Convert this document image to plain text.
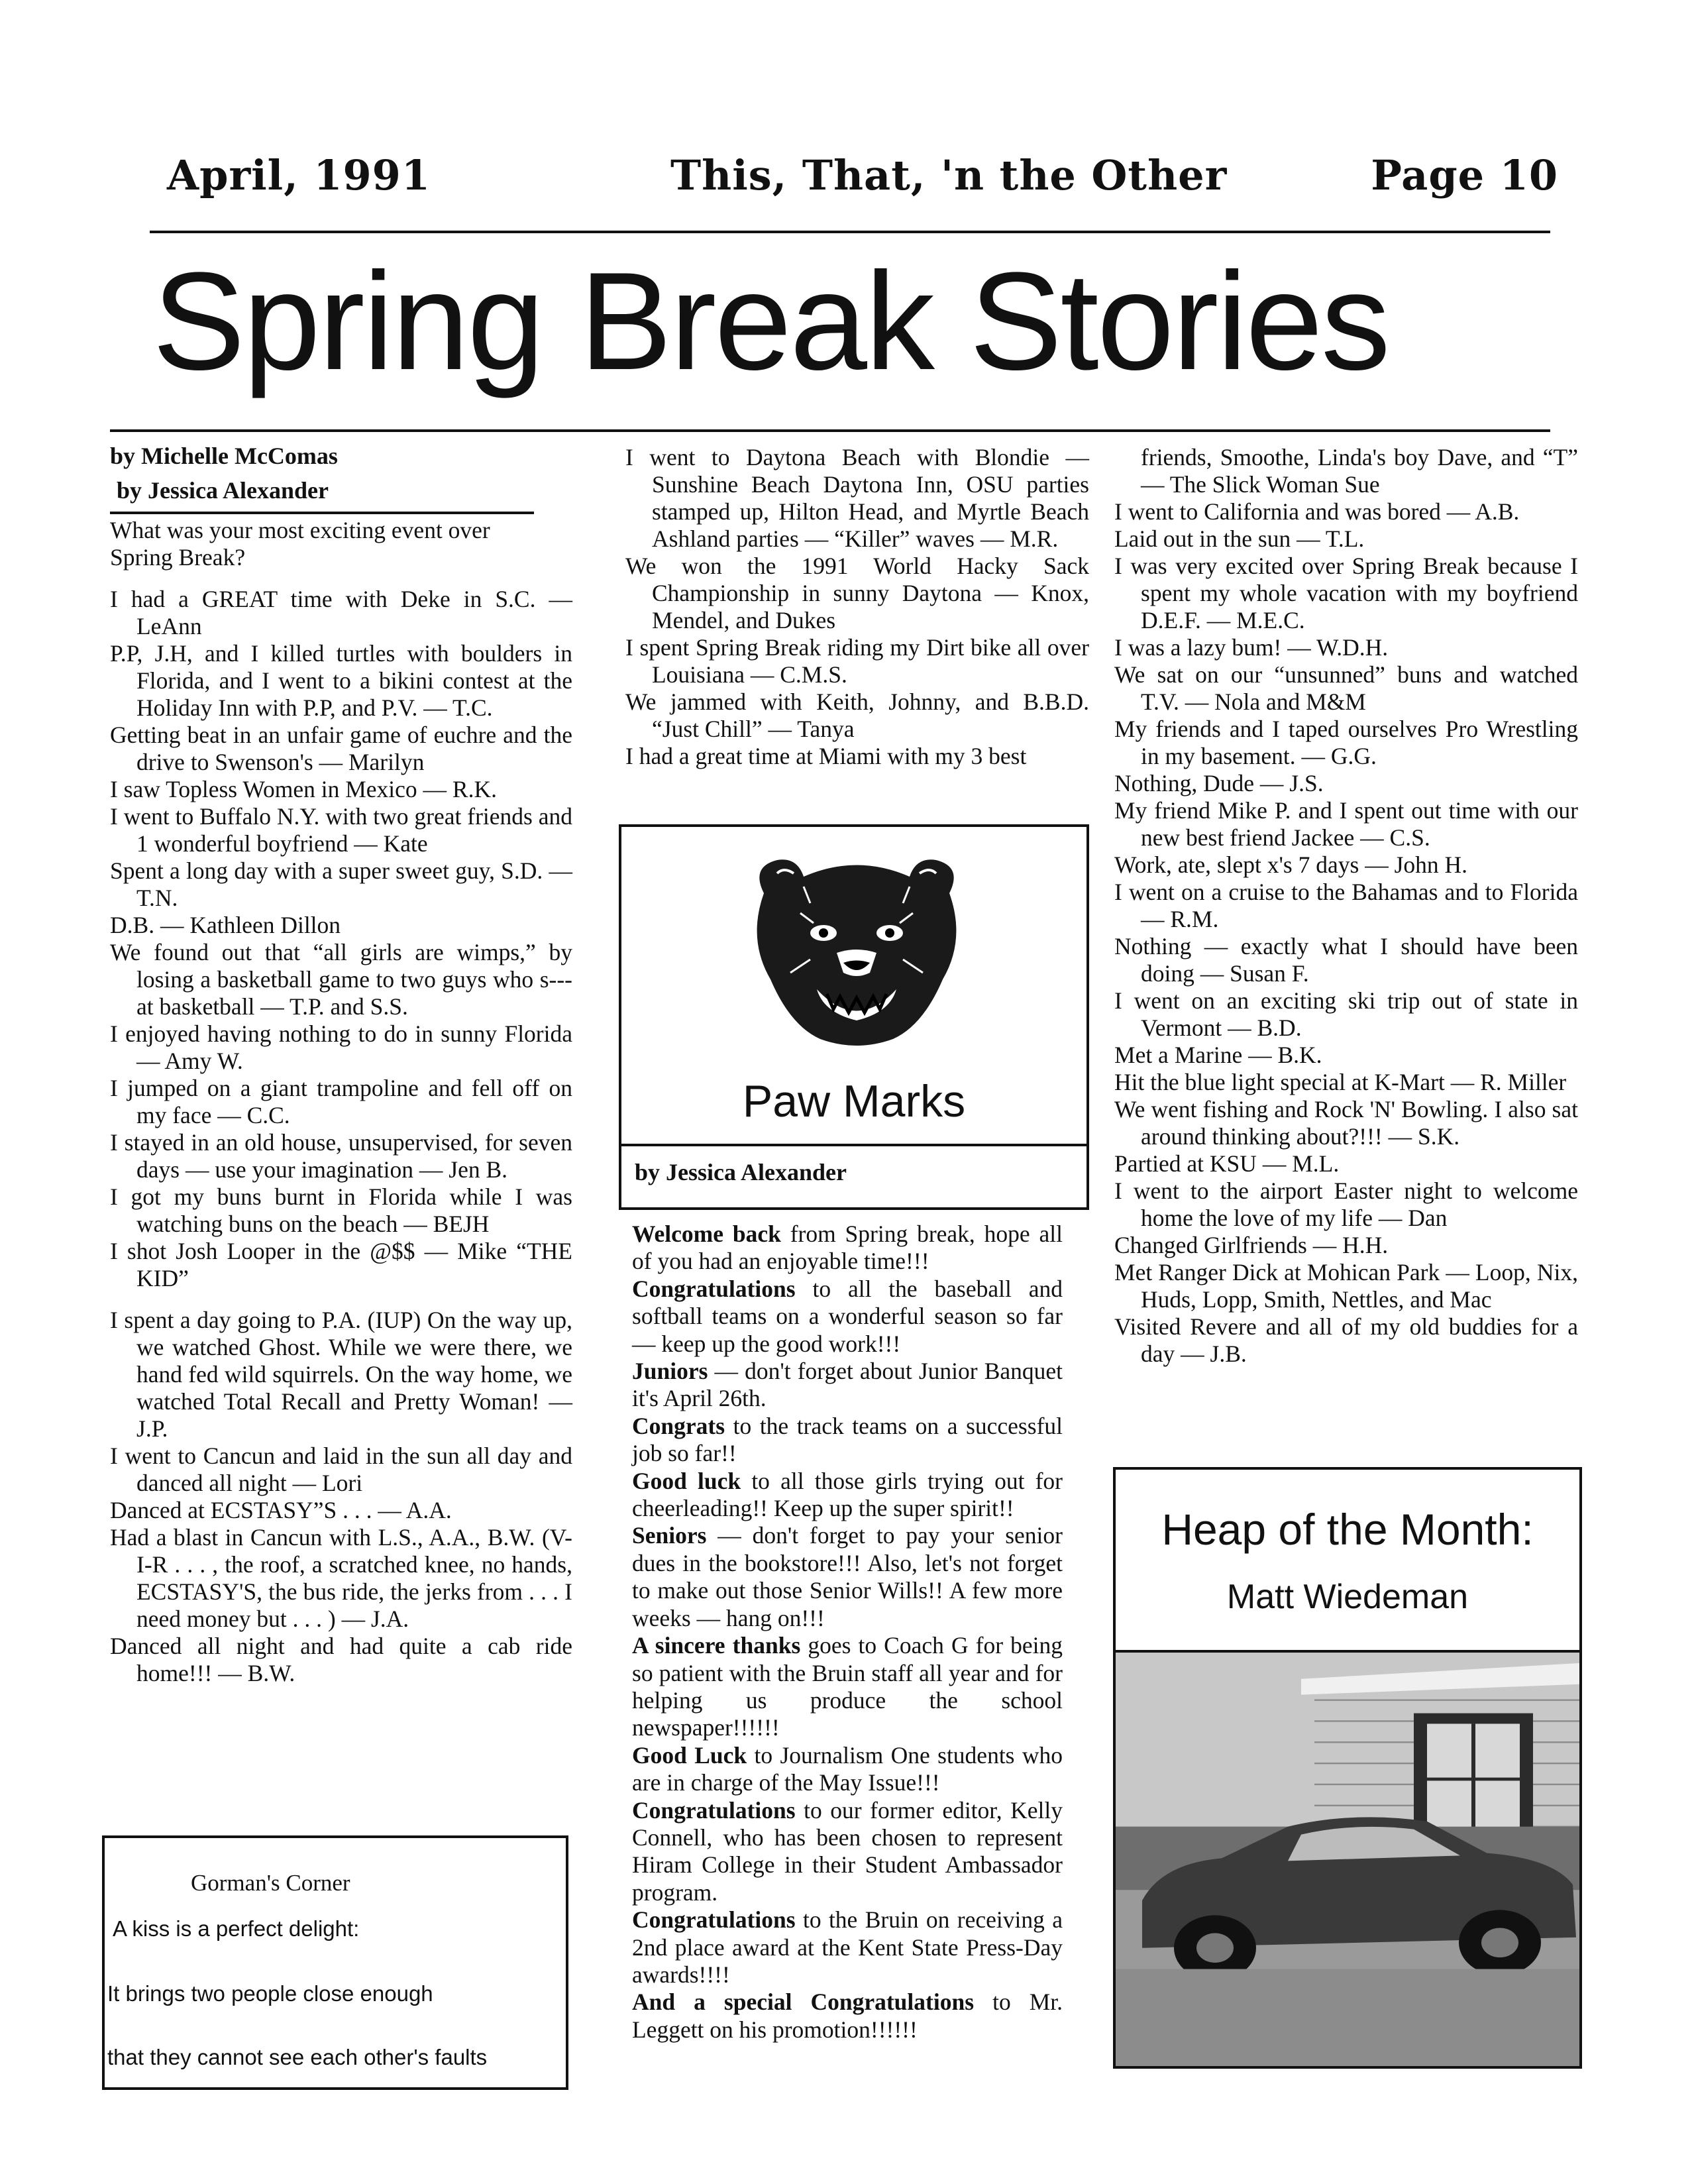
April, 1991	This, That, 'n the Other	Page 10
Spring Break Stories

by Michelle McComas

by Jessica Alexander

What was your most exciting event over Spring Break?

I had a GREAT time with Deke in S.C. — LeAnn

P.P, J.H, and I killed turtles with boulders in Florida, and I went to a bikini contest at the Holiday Inn with P.P, and P.V. — T.C.

Getting beat in an unfair game of euchre and the drive to Swenson's — Marilyn

I saw Topless Women in Mexico — R.K.

I went to Buffalo N.Y. with two great friends and 1 wonderful boyfriend — Kate

Spent a long day with a super sweet guy, S.D. — T.N.

D.B. — Kathleen Dillon

We found out that “all girls are wimps,” by losing a basketball game to two guys who s--- at basketball — T.P. and S.S.

I enjoyed having nothing to do in sunny Florida — Amy W.

I jumped on a giant trampoline and fell off on my face — C.C.

I stayed in an old house, unsupervised, for seven days — use your imagination — Jen B.

I got my buns burnt in Florida while I was watching buns on the beach — BEJH

I shot Josh Looper in the @$$ — Mike “THE KID”

I spent a day going to P.A. (IUP) On the way up, we watched Ghost. While we were there, we hand fed wild squirrels. On the way home, we watched Total Recall and Pretty Woman! — J.P.

I went to Cancun and laid in the sun all day and danced all night — Lori

Danced at ECSTASY”S . . . — A.A.

Had a blast in Cancun with L.S., A.A., B.W. (V-I-R . . . , the roof, a scratched knee, no hands, ECSTASY'S, the bus ride, the jerks from . . . I need money but . . . ) — J.A.

Danced all night and had quite a cab ride home!!! — B.W.

Gorman's Corner
A kiss is a perfect delight:
It brings two people close enough
that they cannot see each other's faults

I went to Daytona Beach with Blondie — Sunshine Beach Daytona Inn, OSU parties stamped up, Hilton Head, and Myrtle Beach Ashland parties — “Killer” waves — M.R.

We won the 1991 World Hacky Sack Championship in sunny Daytona — Knox, Mendel, and Dukes

I spent Spring Break riding my Dirt bike all over Louisiana — C.M.S.

We jammed with Keith, Johnny, and B.B.D. “Just Chill” — Tanya

I had a great time at Miami with my 3 best

Paw Marks
by Jessica Alexander

Welcome back from Spring break, hope all of you had an enjoyable time!!!

Congratulations to all the baseball and softball teams on a wonderful season so far — keep up the good work!!!

Juniors — don't forget about Junior Banquet it's April 26th.

Congrats to the track teams on a successful job so far!!

Good luck to all those girls trying out for cheerleading!! Keep up the super spirit!!

Seniors — don't forget to pay your senior dues in the bookstore!!! Also, let's not forget to make out those Senior Wills!! A few more weeks — hang on!!!

A sincere thanks goes to Coach G for being so patient with the Bruin staff all year and for helping us produce the school newspaper!!!!!!

Good Luck to Journalism One students who are in charge of the May Issue!!!

Congratulations to our former editor, Kelly Connell, who has been chosen to represent Hiram College in their Student Ambassador program.

Congratulations to the Bruin on receiving a 2nd place award at the Kent State Press-Day awards!!!!

And a special Congratulations to Mr. Leggett on his promotion!!!!!!

friends, Smoothe, Linda's boy Dave, and “T” — The Slick Woman Sue

I went to California and was bored — A.B.

Laid out in the sun — T.L.

I was very excited over Spring Break because I spent my whole vacation with my boyfriend D.E.F. — M.E.C.

I was a lazy bum! — W.D.H.

We sat on our “unsunned” buns and watched T.V. — Nola and M&M

My friends and I taped ourselves Pro Wrestling in my basement. — G.G.

Nothing, Dude — J.S.

My friend Mike P. and I spent out time with our new best friend Jackee — C.S.

Work, ate, slept x's 7 days — John H.

I went on a cruise to the Bahamas and to Florida — R.M.

Nothing — exactly what I should have been doing — Susan F.

I went on an exciting ski trip out of state in Vermont — B.D.

Met a Marine — B.K.

Hit the blue light special at K-Mart — R. Miller

We went fishing and Rock 'N' Bowling. I also sat around thinking about?!!! — S.K.

Partied at KSU — M.L.

I went to the airport Easter night to welcome home the love of my life — Dan

Changed Girlfriends — H.H.

Met Ranger Dick at Mohican Park — Loop, Nix, Huds, Lopp, Smith, Nettles, and Mac

Visited Revere and all of my old buddies for a day — J.B.

Heap of the Month:
Matt Wiedeman
